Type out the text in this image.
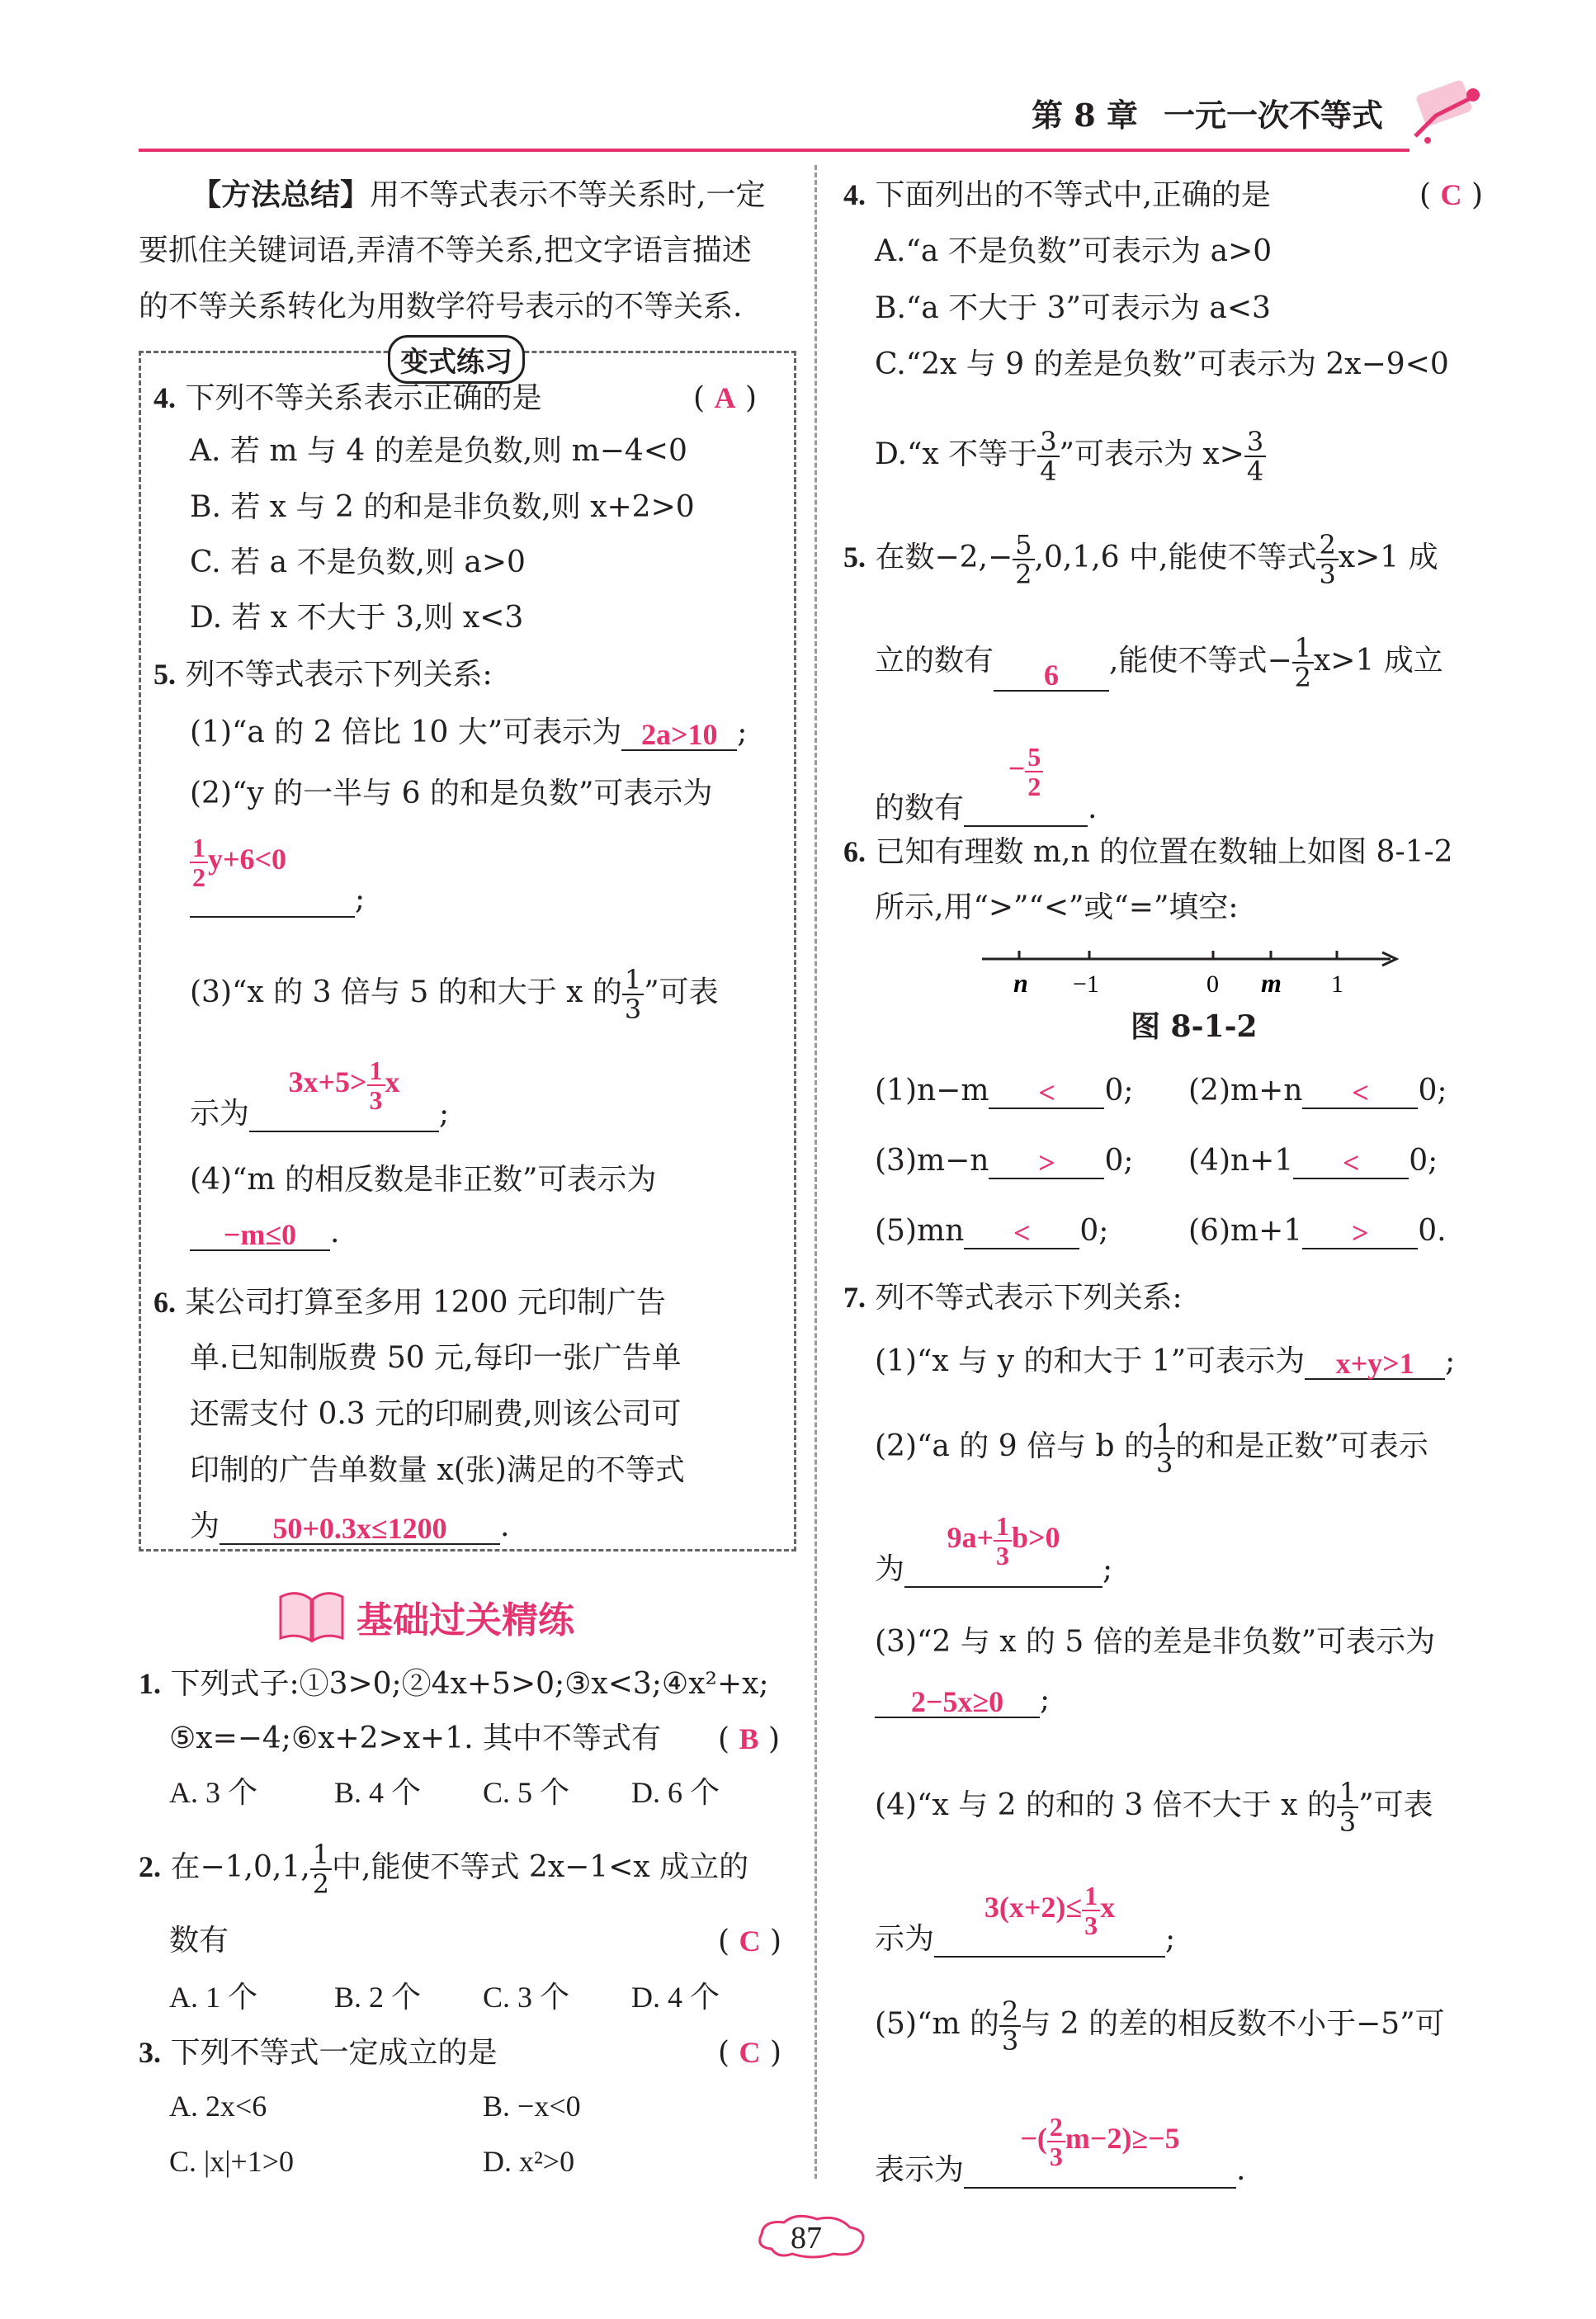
第 8 章 一元一次不等式
【方法总结】用不等式表示不等关系时,一定
要抓住关键词语,弄清不等关系,把文字语言描述
的不等关系转化为用数学符号表示的不等关系.
变式练习
4. 下列不等关系表示正确的是	( A )
A. 若 m 与 4 的差是负数,则 m−4<0
B. 若 x 与 2 的和是非负数,则 x+2>0
C. 若 a 不是负数,则 a>0
D. 若 x 不大于 3,则 x<3
5. 列不等式表示下列关系:
(1)“a 的 2 倍比 10 大”可表示为 2a>10 ;
(2)“y 的一半与 6 的和是负数”可表示为
$\frac{1}{2} y+6<0$;
(3)“x 的 3 倍与 5 的和大于 x 的 $\frac{1}{3}$ ”可表
示为$3x+5> \frac{1}{3} x$;
(4)“m 的相反数是非正数”可表示为
−m≤0 .
6. 某公司打算至多用 1200 元印制广告
单.已知制版费 50 元,每印一张广告单
还需支付 0.3 元的印刷费,则该公司可
印制的广告单数量 x(张)满足的不等式
为 50+0.3x≤1200 .
基础过关精练
1. 下列式子:①3>0;②4x+5>0;③x<3;④x²+x;
⑤x=−4;⑥x+2>x+1. 其中不等式有 ( B )
A. 3 个	B. 4 个 C. 5 个 D. 6 个
2. 在−1,0,1, $\frac{1}{2}$ 中,能使不等式 2x−1<x 成立的
数有	( C )
A. 1 个	B. 2 个 C. 3 个 D. 4 个
3. 下列不等式一定成立的是	( C )
A. 2x<6	B. −x<0
C. |x|+1>0	D. x²>0
4. 下面列出的不等式中,正确的是	( C )
A.“a 不是负数”可表示为 a>0
B.“a 不大于 3”可表示为 a<3
C.“2x 与 9 的差是负数”可表示为 2x−9<0
D.“x 不等于 $\frac{3}{4}$ ”可表示为 $x> \frac{3}{4}$
5. 在数$-2,- \frac{5}{2} ,0,1,6$ 中,能使不等式 $\frac{2}{3} x>1$ 成
立的数有 6 ,能使不等式− $\frac{1}{2} x>1$ 成立
的数有− $\frac{5}{2}$
.
6. 已知有理数 m,n 的位置在数轴上如图 8-1-2
所示,用“>”“<”或“=”填空:
n −1	0 m 1
图 8-1-2
(1)n−m < 0; (2)m+n < 0;
(3)m−n > 0; (4)n+1 < 0;
(5)mn < 0;	(6)m+1 > 0.
7. 列不等式表示下列关系:
(1)“x 与 y 的和大于 1”可表示为 x+y>1 ;
(2)“a 的 9 倍与 b 的 $\frac{1}{3}$ 的和是正数”可表示
为$9a+ \frac{1}{3} b>0$;
(3)“2 与 x 的 5 倍的差是非负数”可表示为
2−5x≥0 ;
(4)“x 与 2 的和的 3 倍不大于 x 的 $\frac{1}{3}$ ”可表
示为$3(x+2)\le \frac{1}{3} x$;
(5)“m 的 $\frac{2}{3}$ 与 2 的差的相反数不小于−5”可
表示为−( $\frac{2}{3} m-2)\ge-5$.
87
